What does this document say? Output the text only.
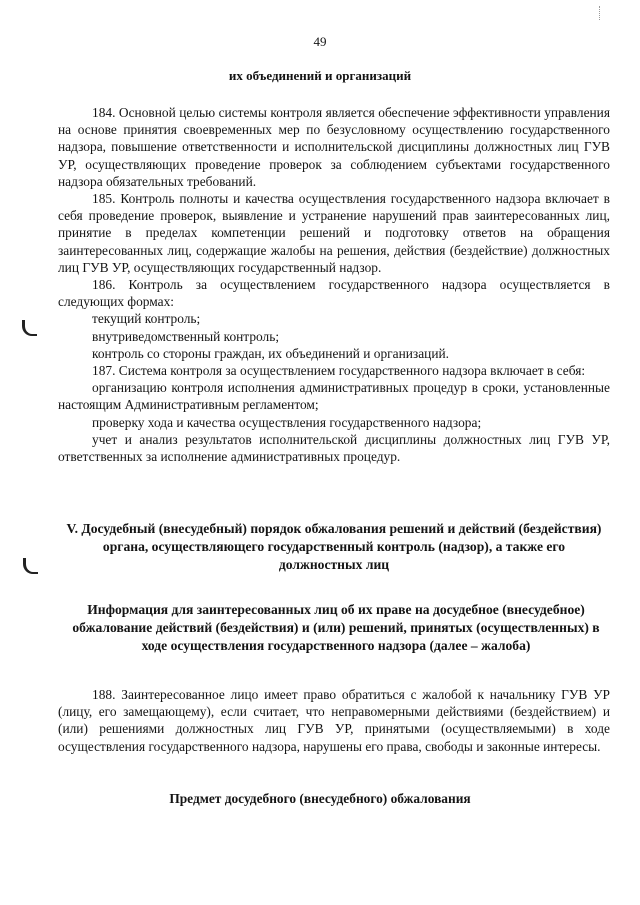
49
их объединений и организаций

184. Основной целью системы контроля является обеспечение эффективности управления на основе принятия своевременных мер по безусловному осуществлению государственного надзора, повышение ответственности и исполнительской дисциплины должностных лиц ГУВ УР, осуществляющих проведение проверок за соблюдением субъектами государственного надзора обязательных требований.

185. Контроль полноты и качества осуществления государственного надзора включает в себя проведение проверок, выявление и устранение нарушений прав заинтересованных лиц, принятие в пределах компетенции решений и подготовку ответов на обращения заинтересованных лиц, содержащие жалобы на решения, действия (бездействие) должностных лиц ГУВ УР, осуществляющих государственный надзор.

186. Контроль за осуществлением государственного надзора осуществляется в следующих формах:

текущий контроль;

внутриведомственный контроль;

контроль со стороны граждан, их объединений и организаций.

187. Система контроля за осуществлением государственного надзора включает в себя:

организацию контроля исполнения административных процедур в сроки, установленные настоящим Административным регламентом;

проверку хода и качества осуществления государственного надзора;

учет и анализ результатов исполнительской дисциплины должностных лиц ГУВ УР, ответственных за исполнение административных процедур.

V. Досудебный (внесудебный) порядок обжалования решений и действий (бездействия) органа, осуществляющего государственный контроль (надзор), а также его должностных лиц
Информация для заинтересованных лиц об их праве на досудебное (внесудебное) обжалование действий (бездействия) и (или) решений, принятых (осуществленных) в ходе осуществления государственного надзора (далее – жалоба)

188. Заинтересованное лицо имеет право обратиться с жалобой к начальнику ГУВ УР (лицу, его замещающему), если считает, что неправомерными действиями (бездействием) и (или) решениями должностных лиц ГУВ УР, принятыми (осуществляемыми) в ходе осуществления государственного надзора, нарушены его права, свободы и законные интересы.

Предмет досудебного (внесудебного) обжалования
